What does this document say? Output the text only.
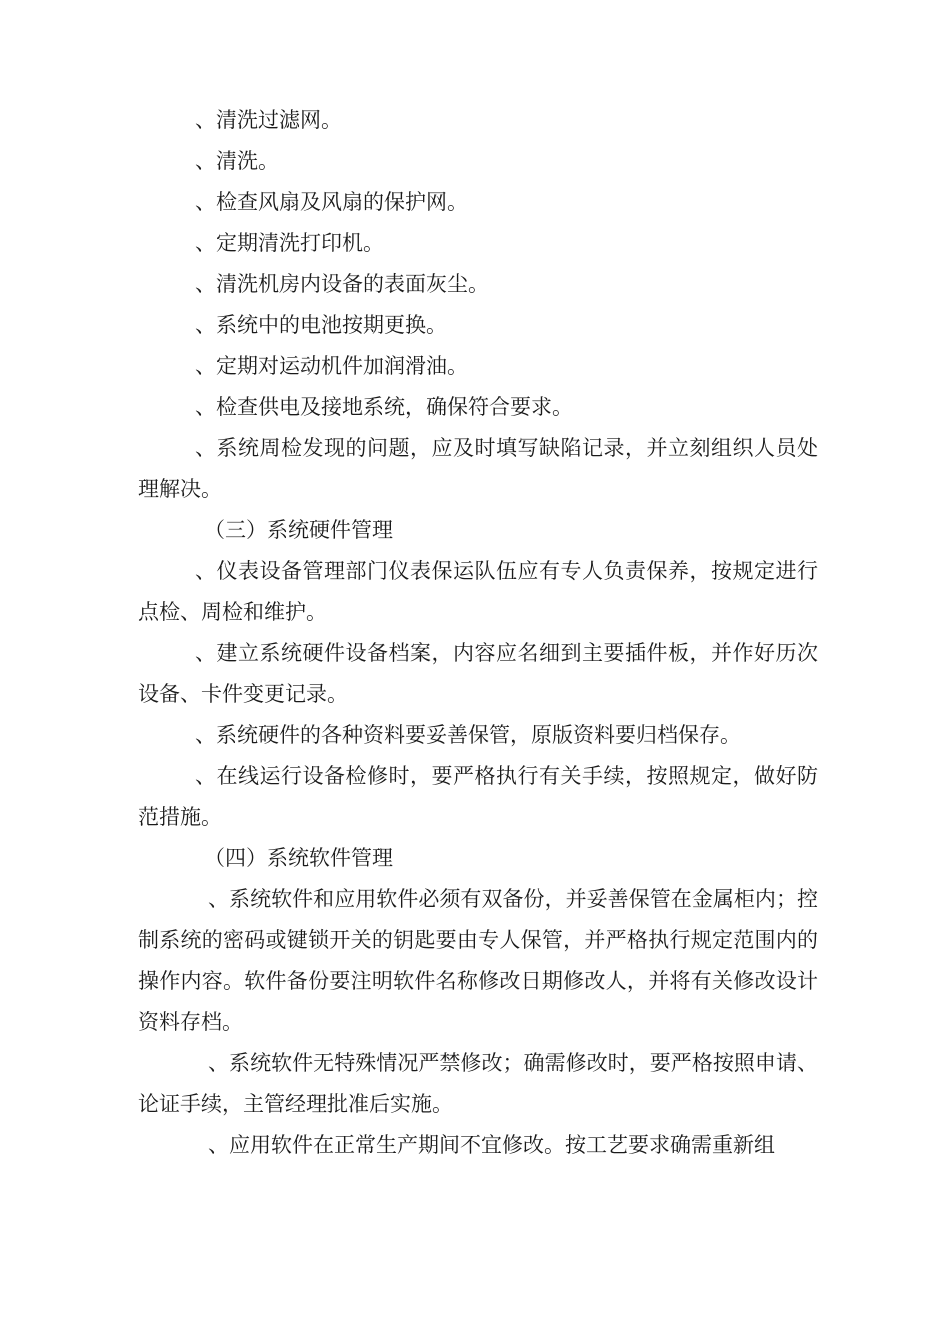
、清洗过滤网。

、清洗。

、检查风扇及风扇的保护网。

、定期清洗打印机。

、清洗机房内设备的表面灰尘。

、系统中的电池按期更换。

、定期对运动机件加润滑油。

、检查供电及接地系统，确保符合要求。

、系统周检发现的问题，应及时填写缺陷记录，并立刻组织人员处理解决。

（三）系统硬件管理

、仪表设备管理部门仪表保运队伍应有专人负责保养，按规定进行点检、周检和维护。

、建立系统硬件设备档案，内容应名细到主要插件板，并作好历次设备、卡件变更记录。

、系统硬件的各种资料要妥善保管，原版资料要归档保存。

、在线运行设备检修时，要严格执行有关手续，按照规定，做好防范措施。

（四）系统软件管理

、系统软件和应用软件必须有双备份，并妥善保管在金属柜内；控制系统的密码或键锁开关的钥匙要由专人保管，并严格执行规定范围内的操作内容。软件备份要注明软件名称修改日期修改人，并将有关修改设计资料存档。

、系统软件无特殊情况严禁修改；确需修改时，要严格按照申请、论证手续，主管经理批准后实施。

、应用软件在正常生产期间不宜修改。按工艺要求确需重新组
